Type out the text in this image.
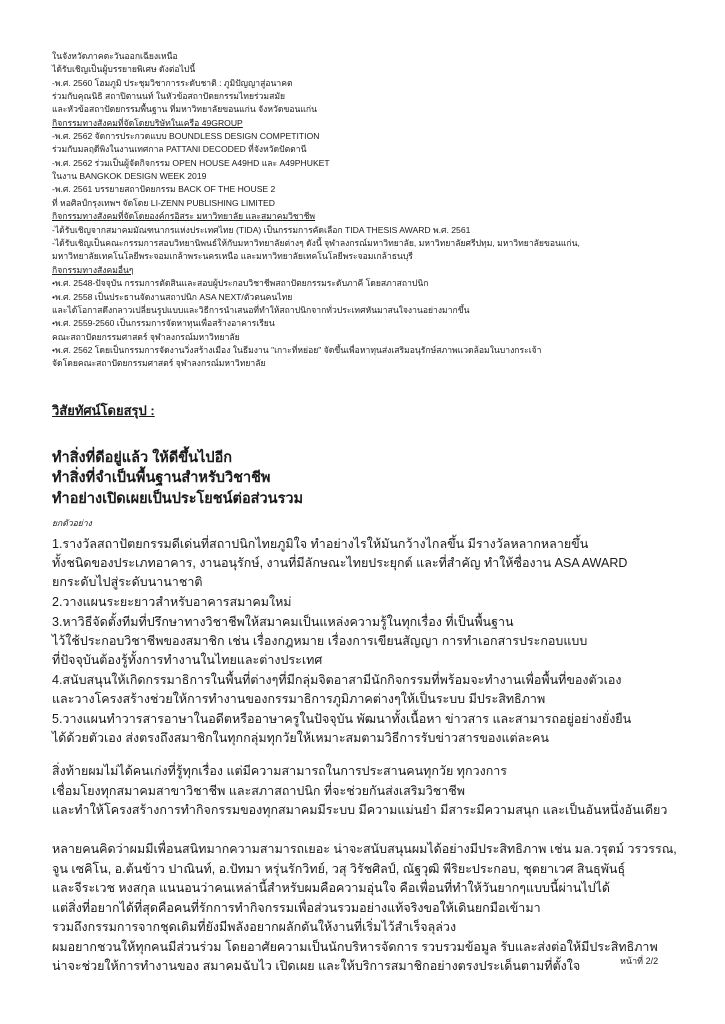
ในจังหวัดภาคตะวันออกเฉียงเหนือ
ได้รับเชิญเป็นผู้บรรยายพิเศษ ดังต่อไปนี้
-พ.ศ. 2560 โฮมภูมิ ประชุมวิชาการระดับชาติ : ภูมิปัญญาสู่อนาคต
ร่วมกับคุณนิธิ สถาปิตานนท์ ในหัวข้อสถาปัตยกรรมไทยร่วมสมัย
และหัวข้อสถาปัตยกรรมพื้นฐาน ที่มหาวิทยาลัยขอนแก่น จังหวัดขอนแก่น
กิจกรรมทางสังคมที่จัดโดยบริษัทในเครือ 49GROUP
-พ.ศ. 2562 จัดการประกวดแบบ BOUNDLESS DESIGN COMPETITION
ร่วมกับมลฤดีพิงในงานเทศกาล PATTANI DECODED ที่จังหวัดปัตตานี
-พ.ศ. 2562 ร่วมเป็นผู้จัดกิจกรรม OPEN HOUSE A49HD และ A49PHUKET
ในงาน BANGKOK DESIGN WEEK 2019
-พ.ศ. 2561 บรรยายสถาปัตยกรรม BACK OF THE HOUSE 2
ที่ หอศิลป์กรุงเทพฯ จัดโดย LI-ZENN PUBLISHING LIMITED
กิจกรรมทางสังคมที่จัดโดยองค์กรอิสระ มหาวิทยาลัย และสมาคมวิชาชีพ
-ได้รับเชิญจากสมาคมมัณฑนากรแห่งประเทศไทย (TIDA) เป็นกรรมการคัดเลือก TIDA THESIS AWARD พ.ศ. 2561
-ได้รับเชิญเป็นคณะกรรมการสอบวิทยานิพนธ์ให้กับมหาวิทยาลัยต่างๆ ดังนี้ จุฬาลงกรณ์มหาวิทยาลัย, มหาวิทยาลัยศรีปทุม, มหาวิทยาลัยขอนแก่น,
มหาวิทยาลัยเทคโนโลยีพระจอมเกล้าพระนครเหนือ และมหาวิทยาลัยเทคโนโลยีพระจอมเกล้าธนบุรี
กิจกรรมทางสังคมอื่นๆ
•พ.ศ. 2548-ปัจจุบัน กรรมการตัดสินและสอบผู้ประกอบวิชาชีพสถาปัตยกรรมระดับภาคี โดยสภาสถาปนิก
•พ.ศ. 2558 เป็นประธานจัดงานสถาปนิก ASA NEXT/ตัวตนคนไทย
และได้โอกาสดึงกลาวเปลี่ยนรูปแบบและวิธีการนำเสนอที่ทำให้สถาปนิกจากทั่วประเทศหันมาสนใจงานอย่างมากขึ้น
•พ.ศ. 2559-2560 เป็นกรรมการจัดหาทุนเพื่อสร้างอาคารเรียน
คณะสถาปัตยกรรมศาสตร์ จุฬาลงกรณ์มหาวิทยาลัย
•พ.ศ. 2562 โดยเป็นกรรมการจัดงานวิ่งสร้างเมือง ในธีมงาน "เกาะที่หย่อย" จัดขึ้นเพื่อหาทุนส่งเสริมอนุรักษ์สภาพแวดล้อมในบางกระเจ้า
จัดโดยคณะสถาปัตยกรรมศาสตร์ จุฬาลงกรณ์มหาวิทยาลัย
วิสัยทัศน์โดยสรุป :
ทำสิ่งที่ดีอยู่แล้ว ให้ดีขึ้นไปอีก
ทำสิ่งที่จำเป็นพื้นฐานสำหรับวิชาชีพ
ทำอย่างเปิดเผยเป็นประโยชน์ต่อส่วนรวม
ยกตัวอย่าง
1.รางวัลสถาปัตยกรรมดีเด่นที่สถาปนิกไทยภูมิใจ ทำอย่างไรให้มันกว้างไกลขึ้น มีรางวัลหลากหลายขึ้น
ทั้งชนิดของประเภทอาคาร, งานอนุรักษ์, งานที่มีลักษณะไทยประยุกต์ และที่สำคัญ ทำให้ซื่องาน ASA AWARD
ยกระดับไปสู่ระดับนานาชาติ
2.วางแผนระยะยาวสำหรับอาคารสมาคมใหม่
3.หาวิธีจัดตั้งทีมที่ปรึกษาทางวิชาชีพให้สมาคมเป็นแหล่งความรู้ในทุกเรื่อง ที่เป็นพื้นฐาน
ไว้ใช้ประกอบวิชาชีพของสมาชิก เช่น เรื่องกฎหมาย เรื่องการเขียนสัญญา การทำเอกสารประกอบแบบ
ที่ปัจจุบันต้องรู้ทั้งการทำงานในไทยและต่างประเทศ
4.สนับสนุนให้เกิดกรรมาธิการในพื้นที่ต่างๆที่มีกลุ่มจิตอาสามีนักกิจกรรมที่พร้อมจะทำงานเพื่อพื้นที่ของตัวเอง
และวางโครงสร้างช่วยให้การทำงานของกรรมาธิการภูมิภาคต่างๆให้เป็นระบบ มีประสิทธิภาพ
5.วางแผนทำวารสารอาษาในอดีตหรืออาษาครูในปัจจุบัน พัฒนาทั้งเนื้อหา ข่าวสาร และสามารถอยู่อย่างยั่งยืน
ได้ด้วยตัวเอง ส่งตรงถึงสมาชิกในทุกกลุ่มทุกวัยให้เหมาะสมตามวิธีการรับข่าวสารของแต่ละคน
สิ่งท้ายผมไม่ได้คนเก่งที่รู้ทุกเรื่อง แต่มีความสามารถในการประสานคนทุกวัย ทุกวงการ
เชื่อมโยงทุกสมาคมสาขาวิชาชีพ และสภาสถาปนิก ที่จะช่วยกันส่งเสริมวิชาชีพ
และทำให้โครงสร้างการทำกิจกรรมของทุกสมาคมมีระบบ มีความแม่นยำ มีสาระมีความสนุก และเป็นอันหนึ่งอันเดียว
หลายคนคิดว่าผมมีเพื่อนสนิทมากความสามารถเยอะ น่าจะสนับสนุนผมได้อย่างมีประสิทธิภาพ เช่น มล.วรุตม์ วรวรรณ,
จูน เซคิโน, อ.ต้นข้าว ปาณินท์, อ.ปัทมา หรุ่นรักวิทย์, วสุ วิรัชศิลป์, ณัฐวุฒิ พีริยะประกอบ, ชุตยาเวศ สินธุพันธุ์
และจีระเวช หงสกุล แนนอนว่าคนเหล่านี้สำหรับผมคือความอุ่นใจ คือเพื่อนที่ทำให้วันยากๆแบบนี้ผ่านไปได้
แต่สิ่งที่อยากได้ที่สุดคือคนที่รักการทำกิจกรรมเพื่อส่วนรวมอย่างแท้จริงขอให้เดินยกมือเข้ามา
รวมถึงกรรมการจากชุดเดิมที่ยังมีพลังอยากผลักดันให้งานที่เริ่มไว้สำเร็จลุล่วง
ผมอยากชวนให้ทุกคนมีส่วนร่วม โดยอาศัยความเป็นนักบริหารจัดการ รวบรวมข้อมูล รับและส่งต่อให้มีประสิทธิภาพ
น่าจะช่วยให้การทำงานของ สมาคมฉับไว เปิดเผย และให้บริการสมาชิกอย่างตรงประเด็นตามที่ตั้งใจ	หน้าที่ 2/2
